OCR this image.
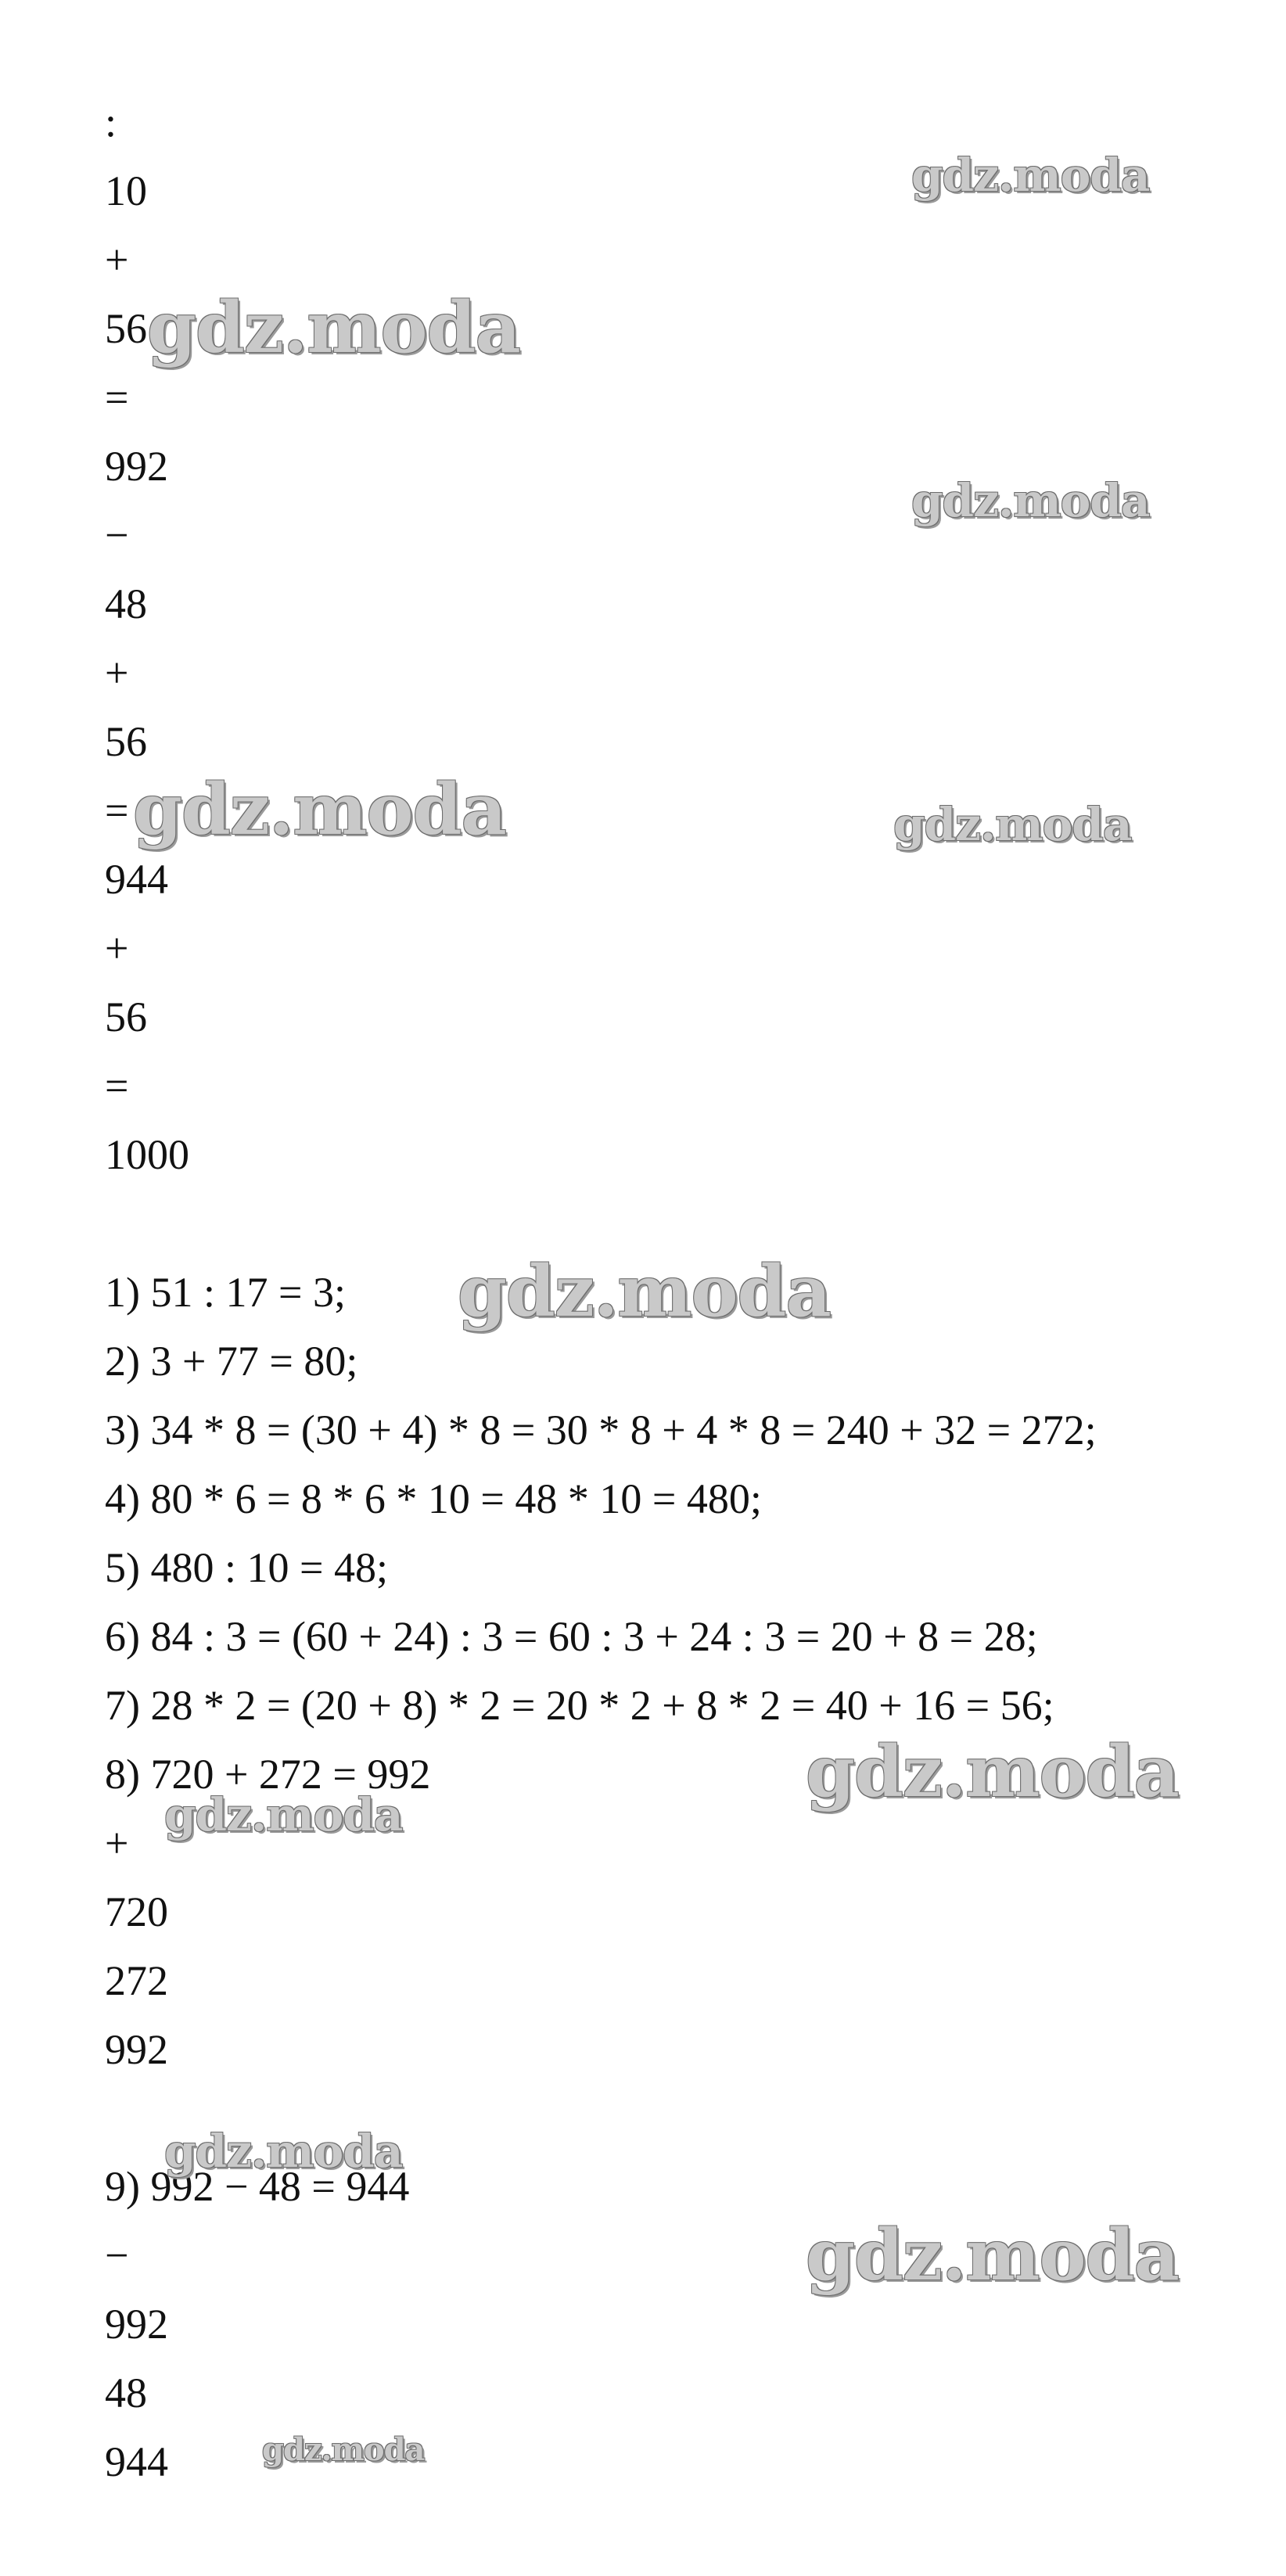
:
10
+
56
=
992
−
48
+
56
=
944
+
56
=
1000
1) 51 : 17 = 3;
2) 3 + 77 = 80;
3) 34 * 8 = (30 + 4) * 8 = 30 * 8 + 4 * 8 = 240 + 32 = 272;
4) 80 * 6 = 8 * 6 * 10 = 48 * 10 = 480;
5) 480 : 10 = 48;
6) 84 : 3 = (60 + 24) : 3 = 60 : 3 + 24 : 3 = 20 + 8 = 28;
7) 28 * 2 = (20 + 8) * 2 = 20 * 2 + 8 * 2 = 40 + 16 = 56;
8) 720 + 272 = 992
+
720
272
992
9) 992 − 48 = 944
−
992
48
944
gdz.moda
gdz.moda
gdz.moda
gdz.moda	gdz.moda
gdz.moda
gdz.moda
gdz.moda
gdz.moda
gdz.moda
gdz.moda
